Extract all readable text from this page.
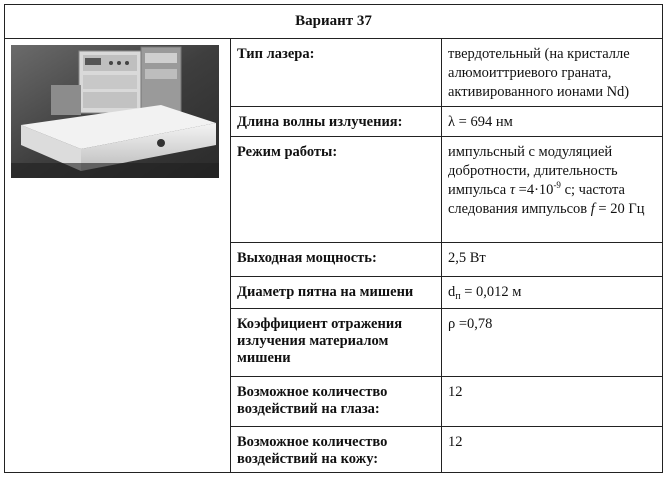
Вариант 37		

	Тип лазера:	твердотельный (на кристалле алюмоиттриевого граната, активированного ионами Nd)
	Длина волны излучения:	λ = 694 нм
	Режим работы:	импульсный с модуляцией добротности, длительность импульса $\tau =4\cdot 10^{-9}$ с; частота следования импульсов f = 20 Гц
	Выходная мощность:	2,5 Вт
	Диаметр пятна на мишени	$d_п = 0,012$ м
	Коэффициент отражения излучения материалом мишени	ρ =0,78
	Возможное количество воздействий на глаза:	12
	Возможное количество воздействий на кожу:	12
